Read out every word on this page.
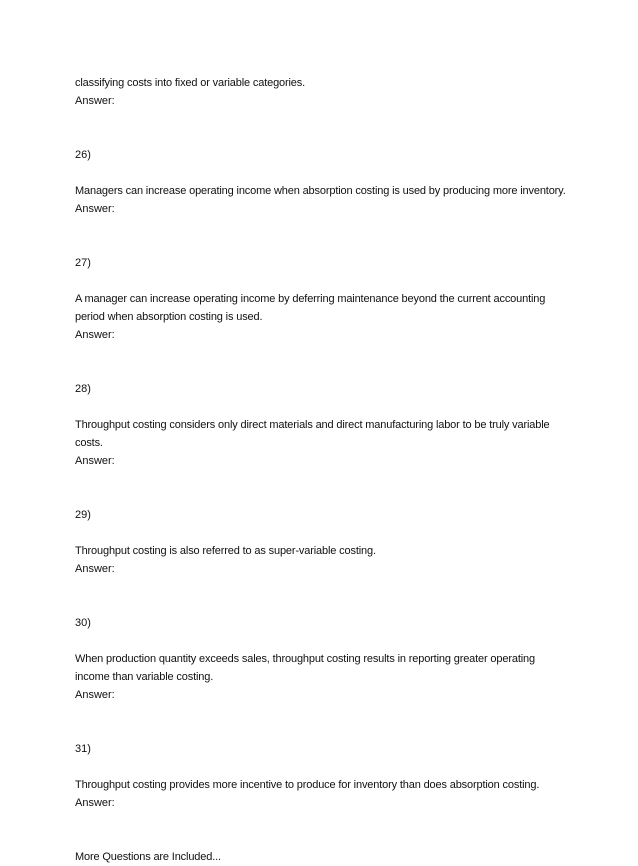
classifying costs into fixed or variable categories.

Answer:

26)

Managers can increase operating income when absorption costing is used by producing more inventory.

Answer:

27)

A manager can increase operating income by deferring maintenance beyond the current accounting

period when absorption costing is used.

Answer:

28)

Throughput costing considers only direct materials and direct manufacturing labor to be truly variable

costs.

Answer:

29)

Throughput costing is also referred to as super-variable costing.

Answer:

30)

When production quantity exceeds sales, throughput costing results in reporting greater operating

income than variable costing.

Answer:

31)

Throughput costing provides more incentive to produce for inventory than does absorption costing.

Answer:

More Questions are Included...
